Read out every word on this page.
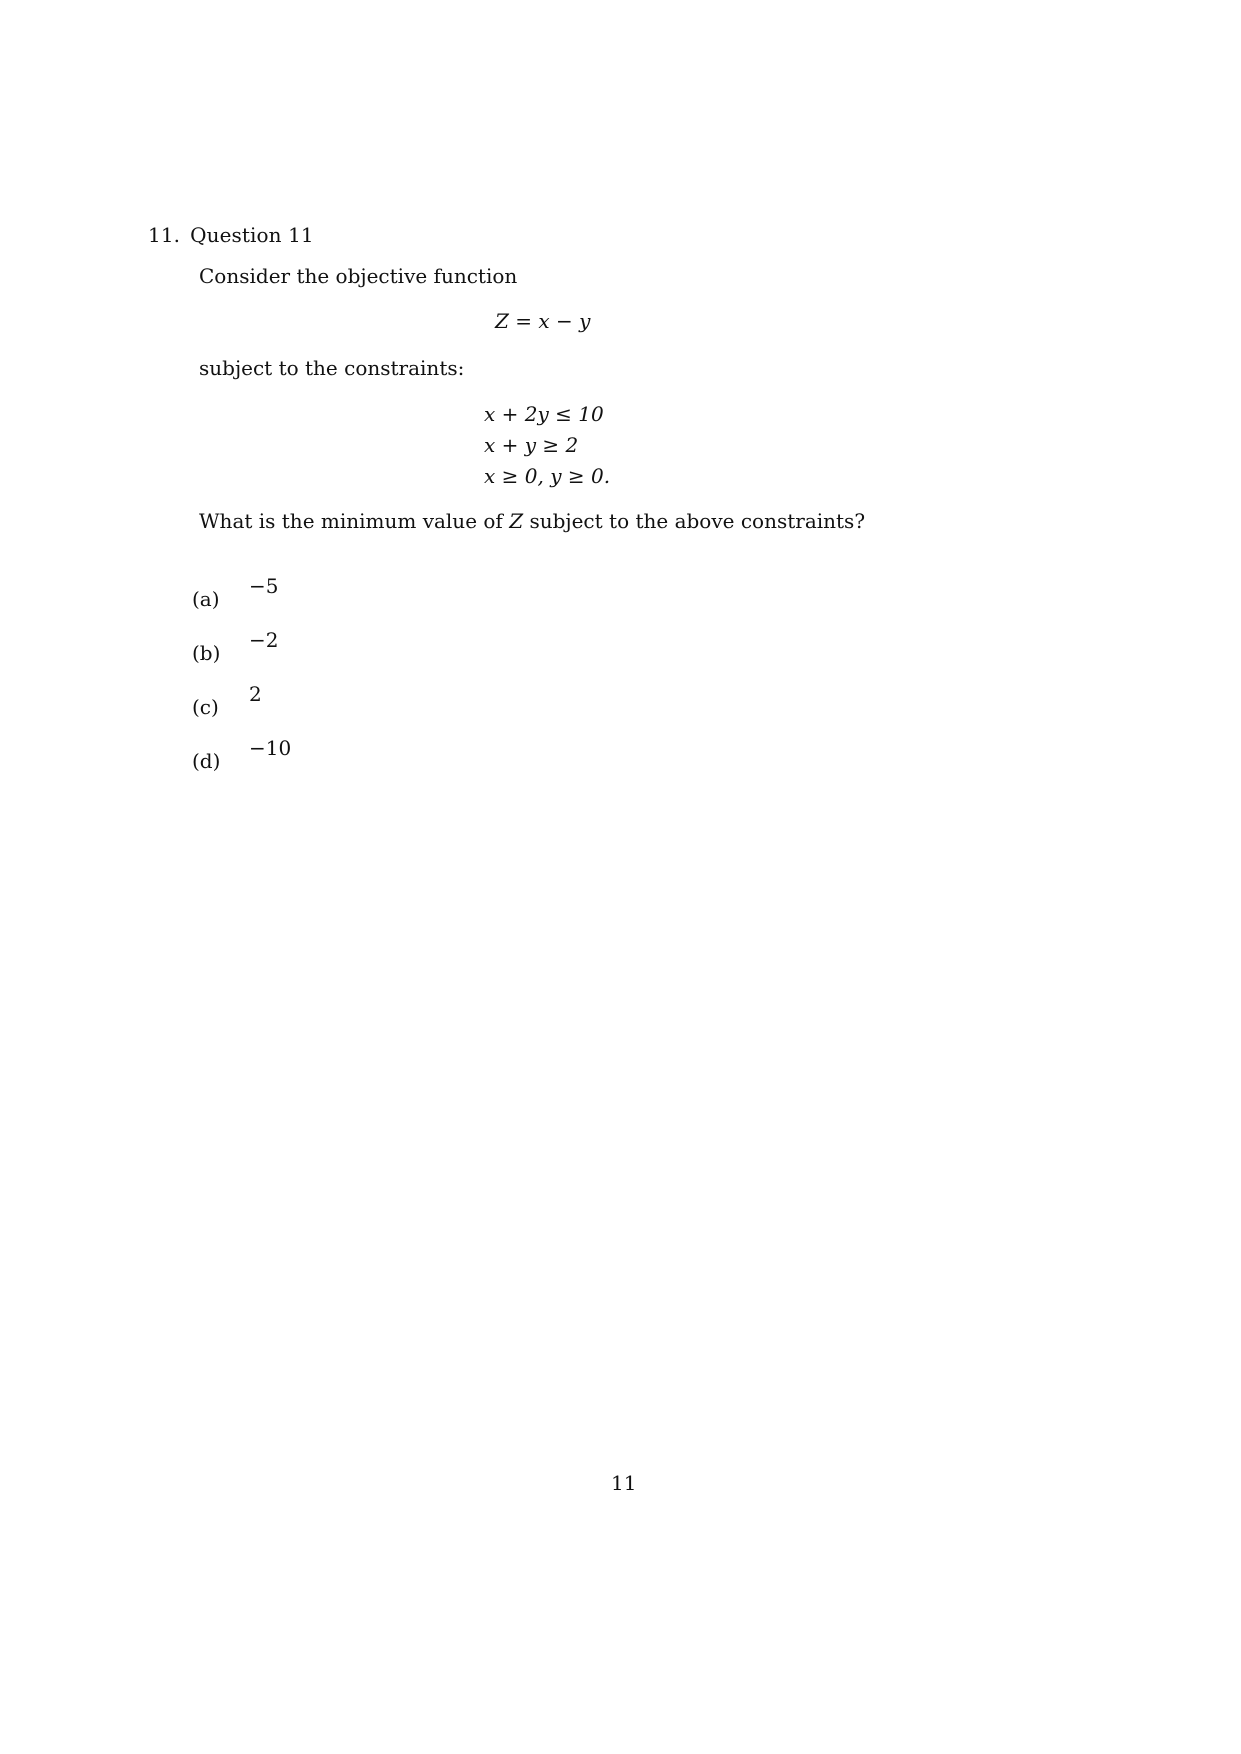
11. Question 11
Consider the objective function
Z = x − y
subject to the constraints:
x + 2y ≤ 10
x + y ≥ 2
x ≥ 0, y ≥ 0.
What is the minimum value of Z subject to the above constraints?
(a)
−5
(b)
−2
(c)
2
(d)
−10
11
